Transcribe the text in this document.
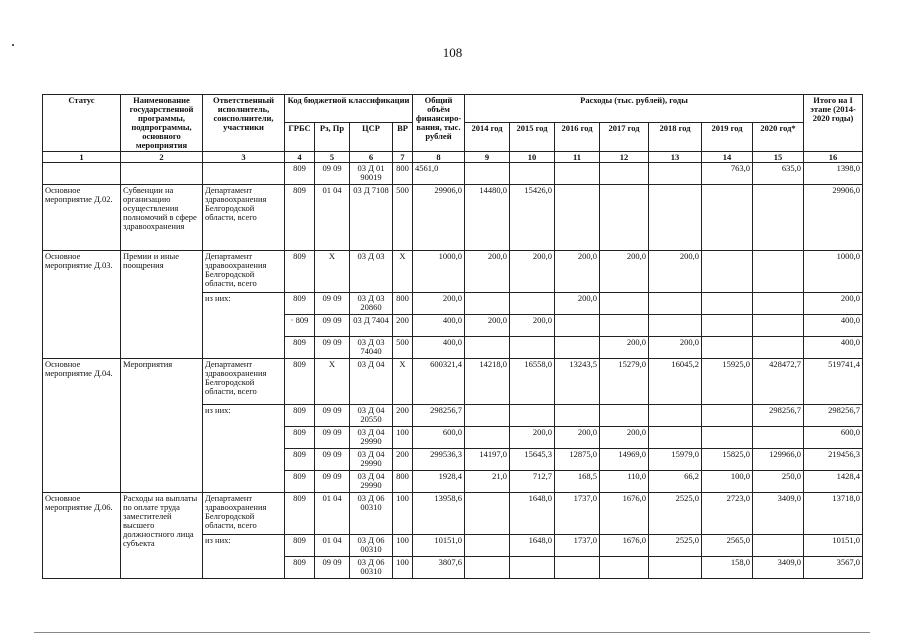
108
Статус	Наименование государственной программы, подпрограммы, основного мероприятия	Ответственный исполнитель, соисполнители, участники	Код бюджетной классификации				Общий объём финансиро-вания, тыс. рублей	Расходы (тыс. рублей), годы							Итого на I этапе (2014-2020 годы)
			ГРБС	Рз, Пр	ЦСР	ВР		2014 год	2015 год	2016 год	2017 год	2018 год	2019 год	2020 год*	
1	2	3	4	5	6	7	8	9	10	11	12	13	14	15	16
			809	09 09	03 Д 01 90019	800	4561,0						763,0	635,0	1398,0
Основное мероприятие Д.02.	Субвенции на организацию осуществления полномочий в сфере здравоохранения	Департамент здравоохранения Белгородской области, всего	809	01 04	03 Д 7108	500	29906,0	14480,0	15426,0						29906,0
Основное мероприятие Д.03.	Премии и иные поощрения	Департамент здравоохранения Белгородской области, всего	809	Х	03 Д 03	Х	1000,0	200,0	200,0	200,0	200,0	200,0			1000,0
		из них:	809	09 09	03 Д 03 20860	800	200,0			200,0					200,0
			· 809	09 09	03 Д 7404	200	400,0	200,0	200,0						400,0
			809	09 09	03 Д 03 74040	500	400,0				200,0	200,0			400,0
Основное мероприятие Д.04.	Мероприятия	Департамент здравоохранения Белгородской области, всего	809	Х	03 Д 04	Х	600321,4	14218,0	16558,0	13243,5	15279,0	16045,2	15925,0	428472,7	519741,4
		из них:	809	09 09	03 Д 04 20550	200	298256,7							298256,7	298256,7
			809	09 09	03 Д 04 29990	100	600,0		200,0	200,0	200,0				600,0
			809	09 09	03 Д 04 29990	200	299536,3	14197,0	15645,3	12875,0	14969,0	15979,0	15825,0	129966,0	219456,3
			809	09 09	03 Д 04 29990	800	1928,4	21,0	712,7	168,5	110,0	66,2	100,0	250,0	1428,4
Основное мероприятие Д.06.	Расходы на выплаты по оплате труда заместителей высшего должностного лица субъекта	Департамент здравоохранения Белгородской области, всего	809	01 04	03 Д 06 00310	100	13958,6		1648,0	1737,0	1676,0	2525,0	2723,0	3409,0	13718,0
		из них:	809	01 04	03 Д 06 00310	100	10151,0		1648,0	1737,0	1676,0	2525,0	2565,0		10151,0
			809	09 09	03 Д 06 00310	100	3807,6						158,0	3409,0	3567,0
